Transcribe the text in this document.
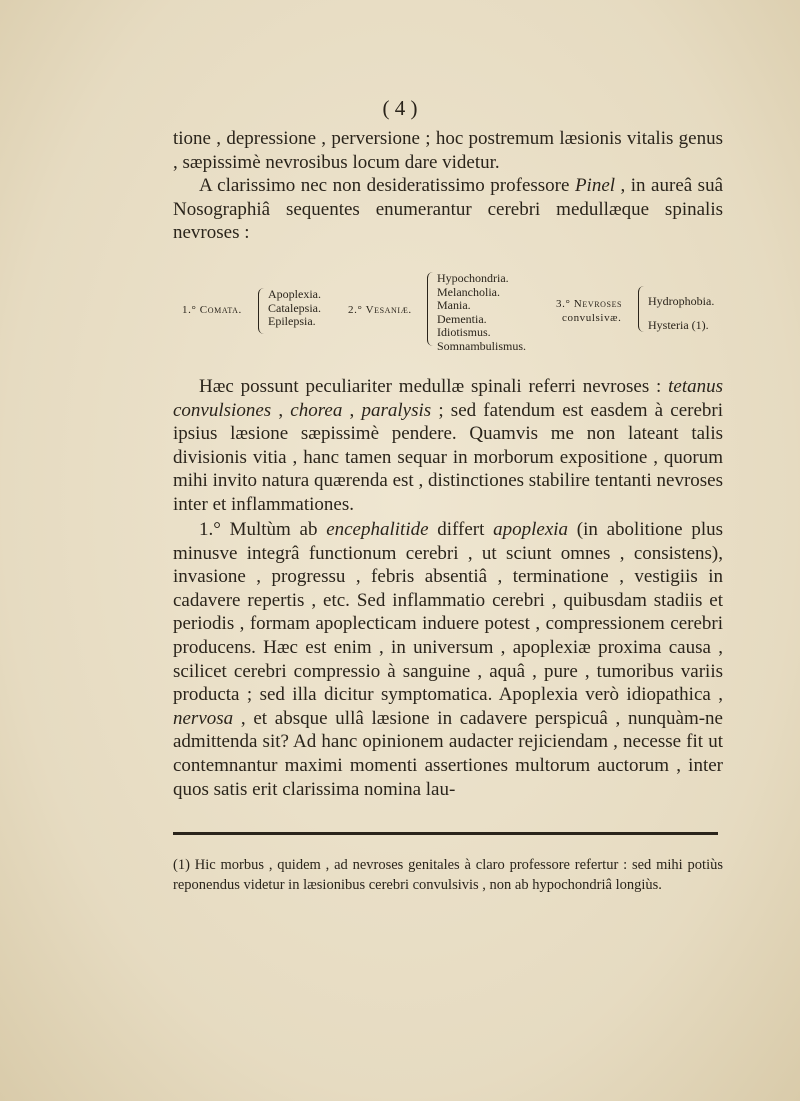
( 4 )
tione , depressione , perversione ; hoc postremum læsionis vitalis genus , sæpissimè nevrosibus locum dare videtur.
A clarissimo nec non desideratissimo professore Pinel , in aureâ suâ Nosographiâ sequentes enumerantur cerebri medullæque spinalis nevroses :
1.° Comata.
Apoplexia.
Catalepsia.
Epilepsia.
2.° Vesaniæ.
Hypochondria.
Melancholia.
Mania.
Dementia.
Idiotismus.
Somnambulismus.
3.° Nevroses
convulsivæ.
Hydrophobia.
Hysteria (1).
Hæc possunt peculiariter medullæ spinali referri nevroses : tetanus convulsiones , chorea , paralysis ; sed fatendum est easdem à cerebri ipsius læsione sæpissimè pendere. Quamvis me non lateant talis divisionis vitia , hanc tamen sequar in morborum expositione , quorum mihi invito natura quærenda est , distinctiones stabilire tentanti nevroses inter et inflammationes.
1.° Multùm ab encephalitide differt apoplexia (in abolitione plus minusve integrâ functionum cerebri , ut sciunt omnes , consistens), invasione , progressu , febris absentiâ , terminatione , vestigiis in cadavere repertis , etc. Sed inflammatio cerebri , quibusdam stadiis et periodis , formam apoplecticam induere potest , compressionem cerebri producens. Hæc est enim , in universum , apoplexiæ proxima causa , scilicet cerebri compressio à sanguine , aquâ , pure , tumoribus variis producta ; sed illa dicitur symptomatica. Apoplexia verò idiopathica , nervosa , et absque ullâ læsione in cadavere perspicuâ , nunquàm-ne admittenda sit? Ad hanc opinionem audacter rejiciendam , necesse fit ut contemnantur maximi momenti assertiones multorum auctorum , inter quos satis erit clarissima nomina lau-
(1) Hic morbus , quidem , ad nevroses genitales à claro professore refertur : sed mihi potiùs reponendus videtur in læsionibus cerebri convulsivis , non ab hypochondriâ longiùs.
